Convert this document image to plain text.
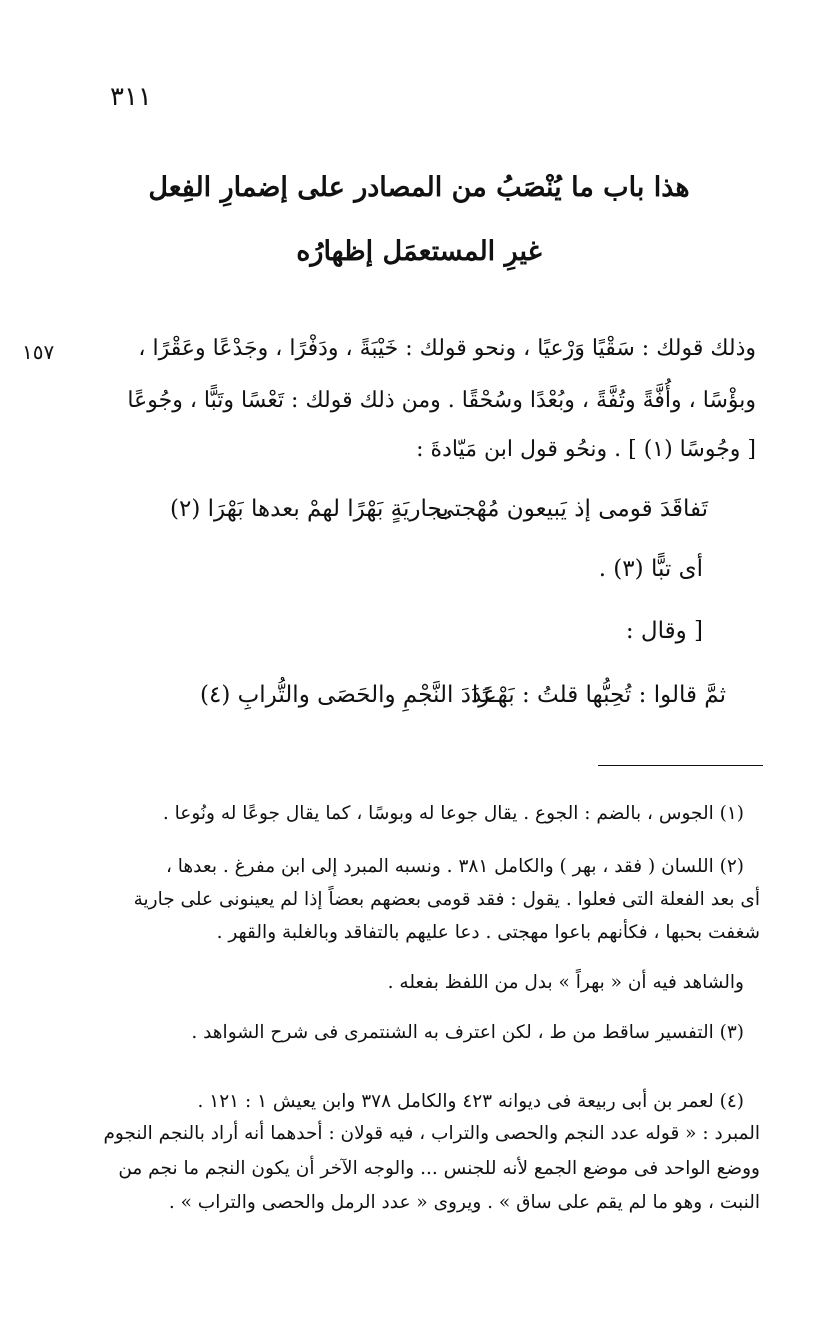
٣١١
هذا باب ما يُنْصَبُ من المصادر على إضمارِ الفِعل
غيرِ المستعمَل إظهارُه
١٥٧	وذلك قولك : سَقْيًا وَرْعيًا ، ونحو قولك : خَيْبَةً ، ودَفْرًا ، وجَدْعًا وعَقْرًا ،
وبؤْسًا ، وأُفَّةً وتُفَّةً ، وبُعْدًا وسُحْقًا . ومن ذلك قولك : تَعْسًا وتَبًّا ، وجُوعًا
[ وجُوسًا (١) ] . ونحُو قول ابن مَيّادةَ :
تَفاقَدَ قومى إذ يَبيعون مُهْجتى
بجاريَةٍ بَهْرًا لهمْ بعدها بَهْرَا (٢)
أى تبًّا (٣) .
[ وقال :
ثمَّ قالوا : تُحِبُّها قلتُ : بَهْـرًا
عَدَدَ النَّجْمِ والحَصَى والتُّرابِ (٤)
(١) الجوس ، بالضم : الجوع . يقال جوعا له وبوسًا ، كما يقال جوعًا له ونُوعا .
(٢) اللسان ( فقد ، بهر ) والكامل ٣٨١ . ونسبه المبرد إلى ابن مفرغ . بعدها ،
أى بعد الفعلة التى فعلوا . يقول : فقد قومى بعضهم بعضاً إذا لم يعينونى على جارية
شغفت بحبها ، فكأنهم باعوا مهجتى . دعا عليهم بالتفاقد وبالغلبة والقهر .
والشاهد فيه أن « بهراً » بدل من اللفظ بفعله .
(٣) التفسير ساقط من ط ، لكن اعترف به الشنتمرى فى شرح الشواهد .
(٤) لعمر بن أبى ربيعة فى ديوانه ٤٢٣ والكامل ٣٧٨ وابن يعيش ١ : ١٢١ .
المبرد : « قوله عدد النجم والحصى والتراب ، فيه قولان : أحدهما أنه أراد بالنجم النجوم
ووضع الواحد فى موضع الجمع لأنه للجنس ... والوجه الآخر أن يكون النجم ما نجم من
النبت ، وهو ما لم يقم على ساق » . ويروى « عدد الرمل والحصى والتراب » .
